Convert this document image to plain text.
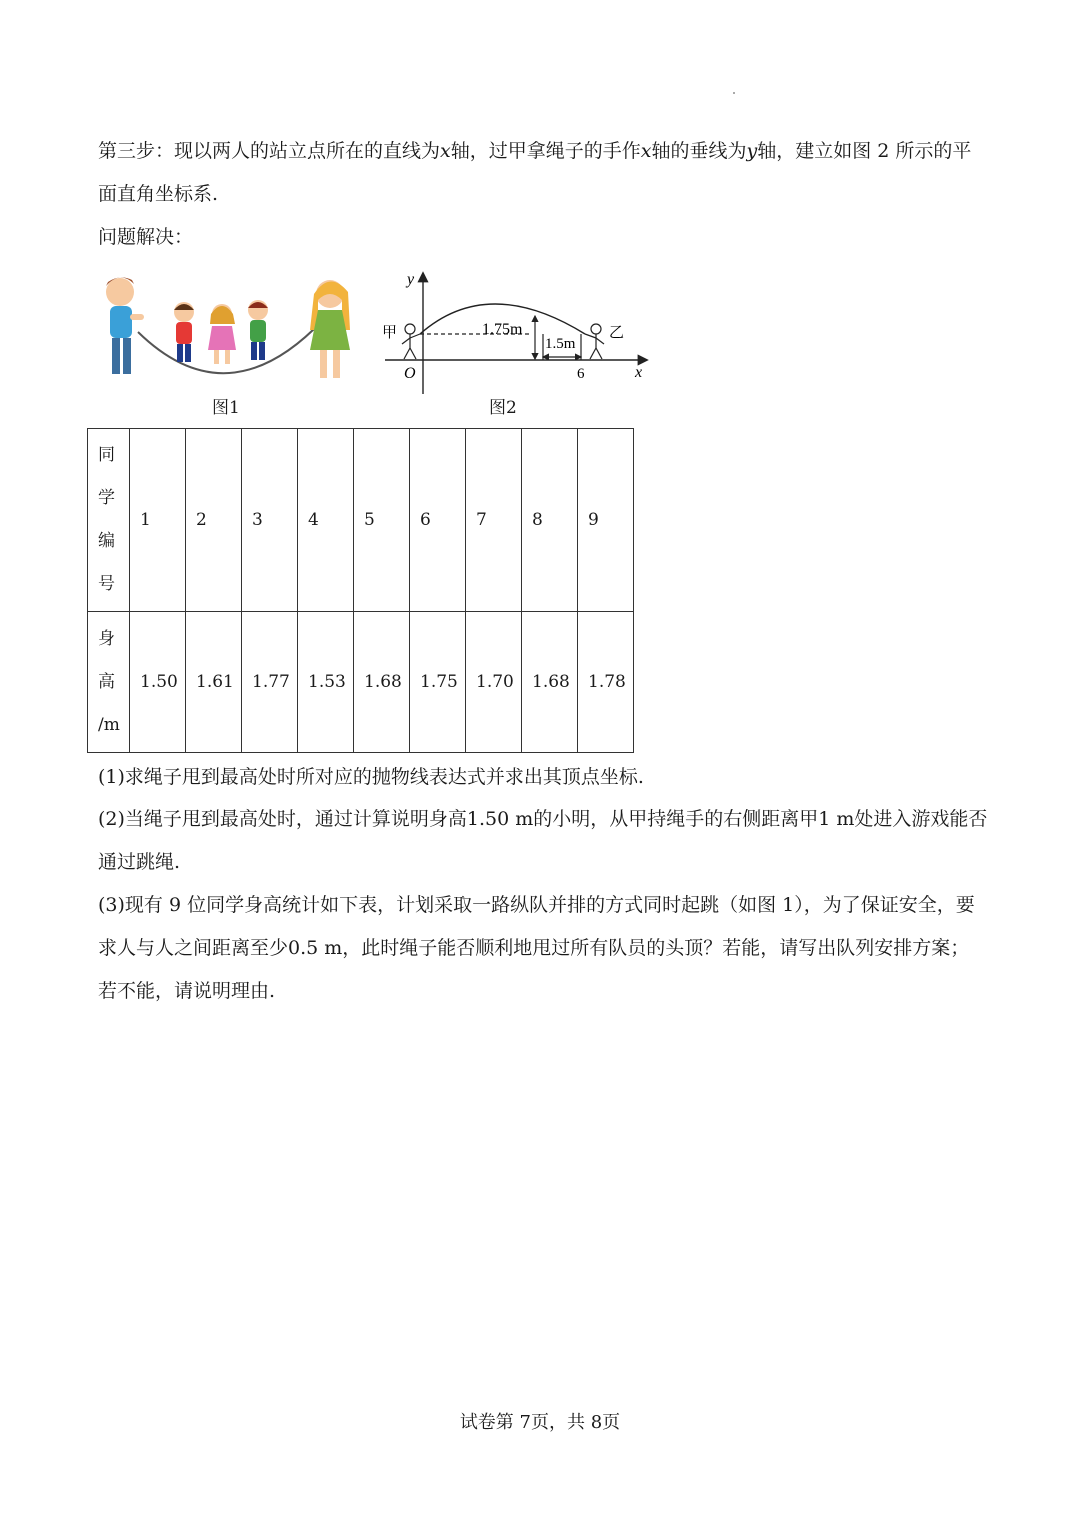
第三步：现以两人的站立点所在的直线为x轴，过甲拿绳子的手作x轴的垂线为y轴，建立如图 2 所示的平面直角坐标系.

问题解决：

图1
y
x
O	6
1.75m
1.5m
甲	乙
图2
同
学
编
号	1	2	3	4	5	6	7	8	9

身
高
/m	1.50	1.61	1.77	1.53	1.68	1.75	1.70	1.68	1.78

(1)求绳子甩到最高处时所对应的抛物线表达式并求出其顶点坐标.

(2)当绳子甩到最高处时，通过计算说明身高1.50 m的小明，从甲持绳手的右侧距离甲1 m处进入游戏能否通过跳绳.

(3)现有 9 位同学身高统计如下表，计划采取一路纵队并排的方式同时起跳（如图 1），为了保证安全，要求人与人之间距离至少0.5 m，此时绳子能否顺利地甩过所有队员的头顶？若能，请写出队列安排方案；若不能，请说明理由.

试卷第 7页，共 8页
